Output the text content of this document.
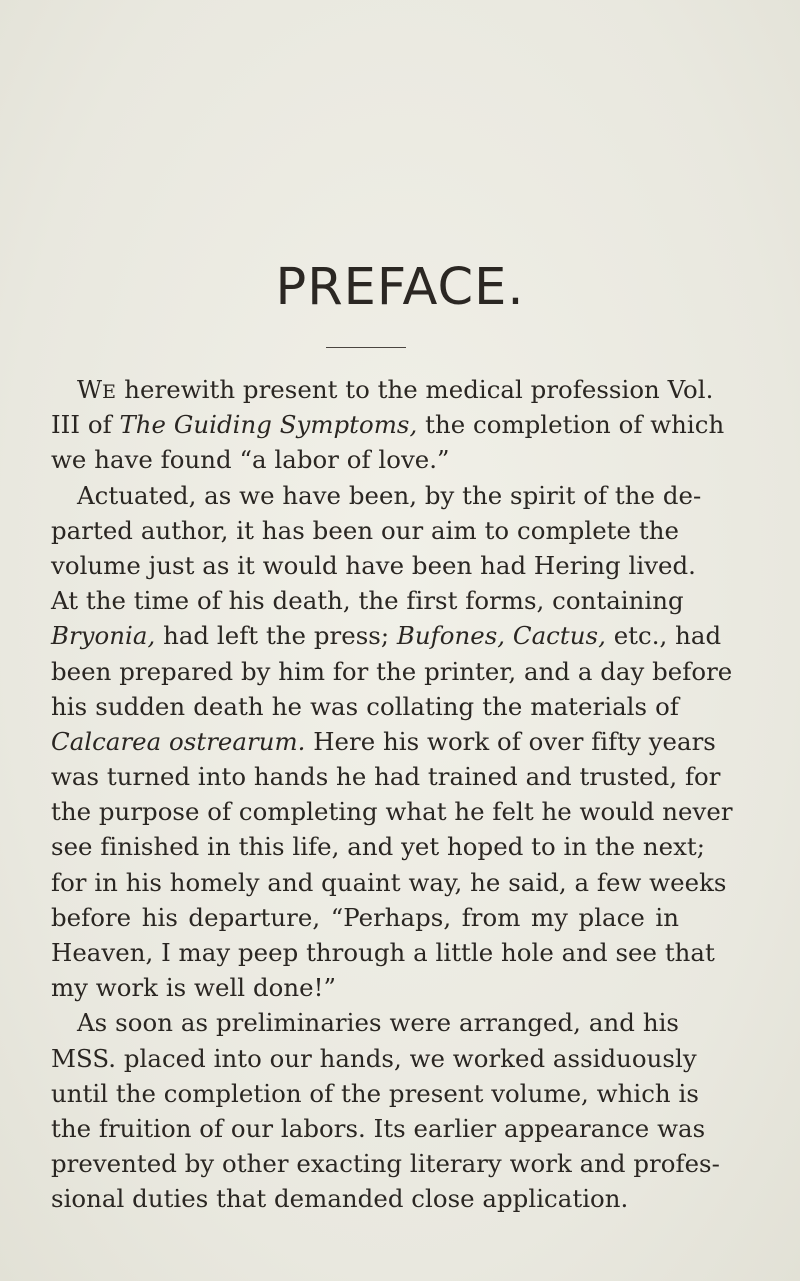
PREFACE.
WE herewith present to the medical profession Vol.
III of The Guiding Symptoms, the completion of which
we have found “a labor of love.”
Actuated, as we have been, by the spirit of the de-
parted author, it has been our aim to complete the
volume just as it would have been had Hering lived.
At the time of his death, the first forms, containing
Bryonia, had left the press; Bufones, Cactus, etc., had
been prepared by him for the printer, and a day before
his sudden death he was collating the materials of
Calcarea ostrearum. Here his work of over fifty years
was turned into hands he had trained and trusted, for
the purpose of completing what he felt he would never
see finished in this life, and yet hoped to in the next;
for in his homely and quaint way, he said, a few weeks
before his departure, “Perhaps, from my place in
Heaven, I may peep through a little hole and see that
my work is well done!”
As soon as preliminaries were arranged, and his
MSS. placed into our hands, we worked assiduously
until the completion of the present volume, which is
the fruition of our labors. Its earlier appearance was
prevented by other exacting literary work and profes-
sional duties that demanded close application.
